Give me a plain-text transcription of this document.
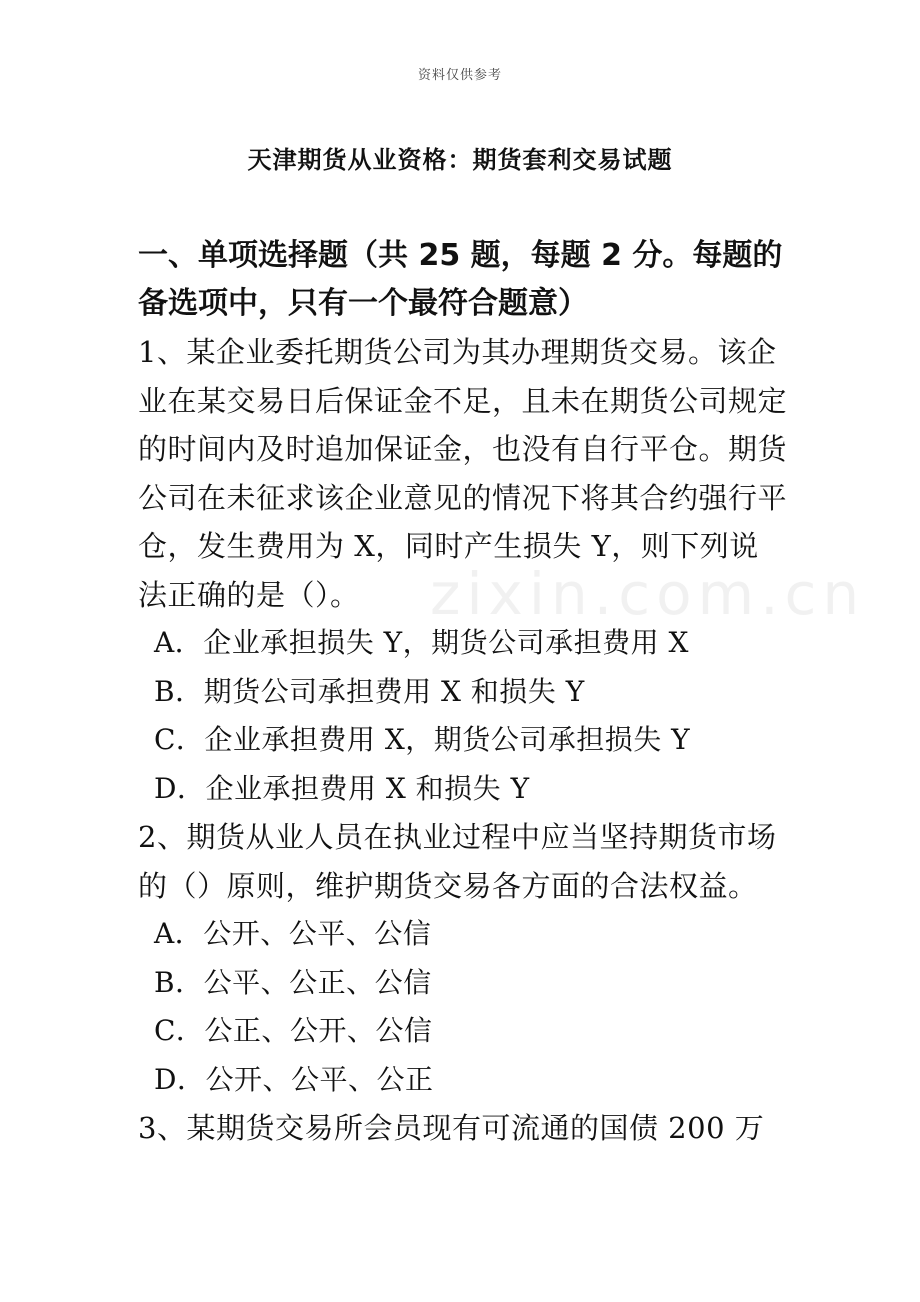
资料仅供参考
天津期货从业资格：期货套利交易试题
zixin.com.cn

一、单项选择题（共 25 题，每题 2 分。每题的备选项中，只有一个最符合题意）

1、某企业委托期货公司为其办理期货交易。该企业在某交易日后保证金不足，且未在期货公司规定的时间内及时追加保证金，也没有自行平仓。期货公司在未征求该企业意见的情况下将其合约强行平仓，发生费用为 X，同时产生损失 Y，则下列说法正确的是（）。

A．企业承担损失 Y，期货公司承担费用 X
B．期货公司承担费用 X 和损失 Y
C．企业承担费用 X，期货公司承担损失 Y
D．企业承担费用 X 和损失 Y

2、期货从业人员在执业过程中应当坚持期货市场的（）原则，维护期货交易各方面的合法权益。

A．公开、公平、公信
B．公平、公正、公信
C．公正、公开、公信
D．公开、公平、公正

3、某期货交易所会员现有可流通的国债 200 万
